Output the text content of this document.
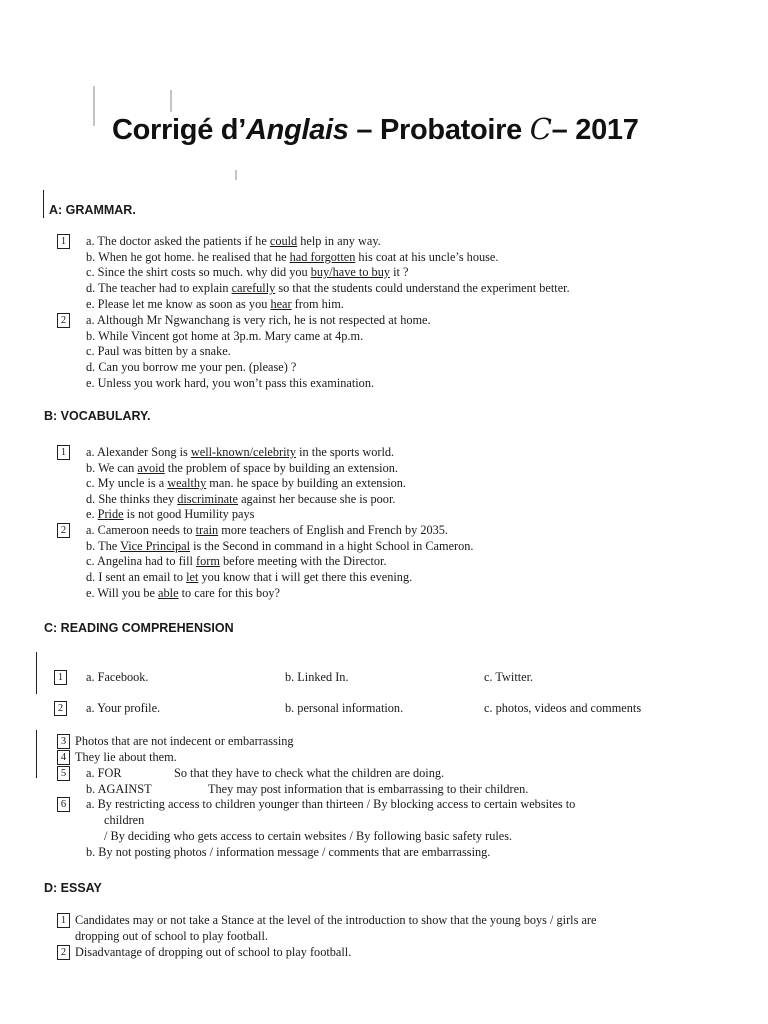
Corrigé d’Anglais – Probatoire C– 2017
A: GRAMMAR.
1	a. The doctor asked the patients if he could help in any way.
b. When he got home. he realised that he had forgotten his coat at his uncle’s house.
c. Since the shirt costs so much. why did you buy/have to buy it ?
d. The teacher had to explain carefully so that the students could understand the experiment better.
e. Please let me know as soon as you hear from him.
2	a. Although Mr Ngwanchang is very rich, he is not respected at home.
b. While Vincent got home at 3p.m. Mary came at 4p.m.
c. Paul was bitten by a snake.
d. Can you borrow me your pen. (please) ?
e. Unless you work hard, you won’t pass this examination.
B: VOCABULARY.
1	a. Alexander Song is well-known/celebrity in the sports world.
b. We can avoid the problem of space by building an extension.
c. My uncle is a wealthy man. he space by building an extension.
d. She thinks they discriminate against her because she is poor.
e. Pride is not good Humility pays
2	a. Cameroon needs to train more teachers of English and French by 2035.
b. The Vice Principal is the Second in command in a hight School in Cameron.
c. Angelina had to fill form before meeting with the Director.
d. I sent an email to let you know that i will get there this evening.
e. Will you be able to care for this boy?
C: READING COMPREHENSION
1	a. Facebook.	b. Linked In.	c. Twitter.
2	a. Your profile.	b. personal information.	c. photos, videos and comments
3 Photos that are not indecent or embarrassing
4 They lie about them.
5	a. FOR	So that they have to check what the children are doing.
b. AGAINST	They may post information that is embarrassing to their children.
6	a. By restricting access to children younger than thirteen / By blocking access to certain websites to
children
/ By deciding who gets access to certain websites / By following basic safety rules.
b. By not posting photos / information message / comments that are embarrassing.
D: ESSAY
1 Candidates may or not take a Stance at the level of the introduction to show that the young boys / girls are
dropping out of school to play football.
2 Disadvantage of dropping out of school to play football.
